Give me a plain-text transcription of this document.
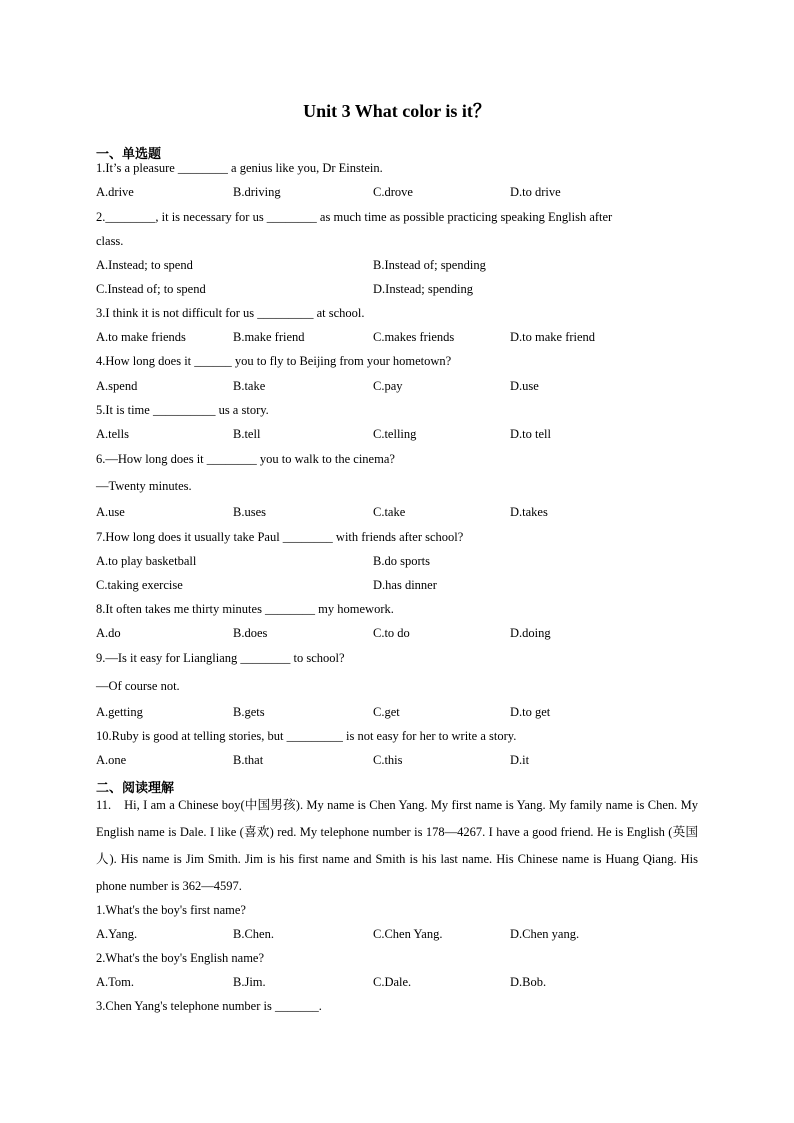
Unit 3 What color is it？
一、单选题
1.It’s a pleasure ________ a genius like you, Dr Einstein.
A.drive	B.driving	C.drove	D.to drive
2.________, it is necessary for us ________ as much time as possible practicing speaking English after
class.
A.Instead; to spend	B.Instead of; spending
C.Instead of; to spend	D.Instead; spending
3.I think it is not difficult for us _________ at school.
A.to make friends	B.make friend	C.makes friends	D.to make friend
4.How long does it ______ you to fly to Beijing from your hometown?
A.spend	B.take	C.pay	D.use
5.It is time __________ us a story.
A.tells	B.tell	C.telling	D.to tell
6.—How long does it ________ you to walk to the cinema?
—Twenty minutes.
A.use	B.uses	C.take	D.takes
7.How long does it usually take Paul ________ with friends after school?
A.to play basketball	B.do sports
C.taking exercise	D.has dinner
8.It often takes me thirty minutes ________ my homework.
A.do	B.does	C.to do	D.doing
9.—Is it easy for Liangliang ________ to school?
—Of course not.
A.getting	B.gets	C.get	D.to get
10.Ruby is good at telling stories, but _________ is not easy for her to write a story.
A.one	B.that	C.this	D.it
二、阅读理解
11.　Hi, I am a Chinese boy(中国男孩). My name is Chen Yang. My first name is Yang. My family name is Chen. My English name is Dale. I like (喜欢) red. My telephone number is 178—4267. I have a good friend. He is English (英国人). His name is Jim Smith. Jim is his first name and Smith is his last name. His Chinese name is Huang Qiang. His phone number is 362—4597.
1.What's the boy's first name?
A.Yang.	B.Chen.	C.Chen Yang.	D.Chen yang.
2.What's the boy's English name?
A.Tom.	B.Jim.	C.Dale.	D.Bob.
3.Chen Yang's telephone number is _______.
